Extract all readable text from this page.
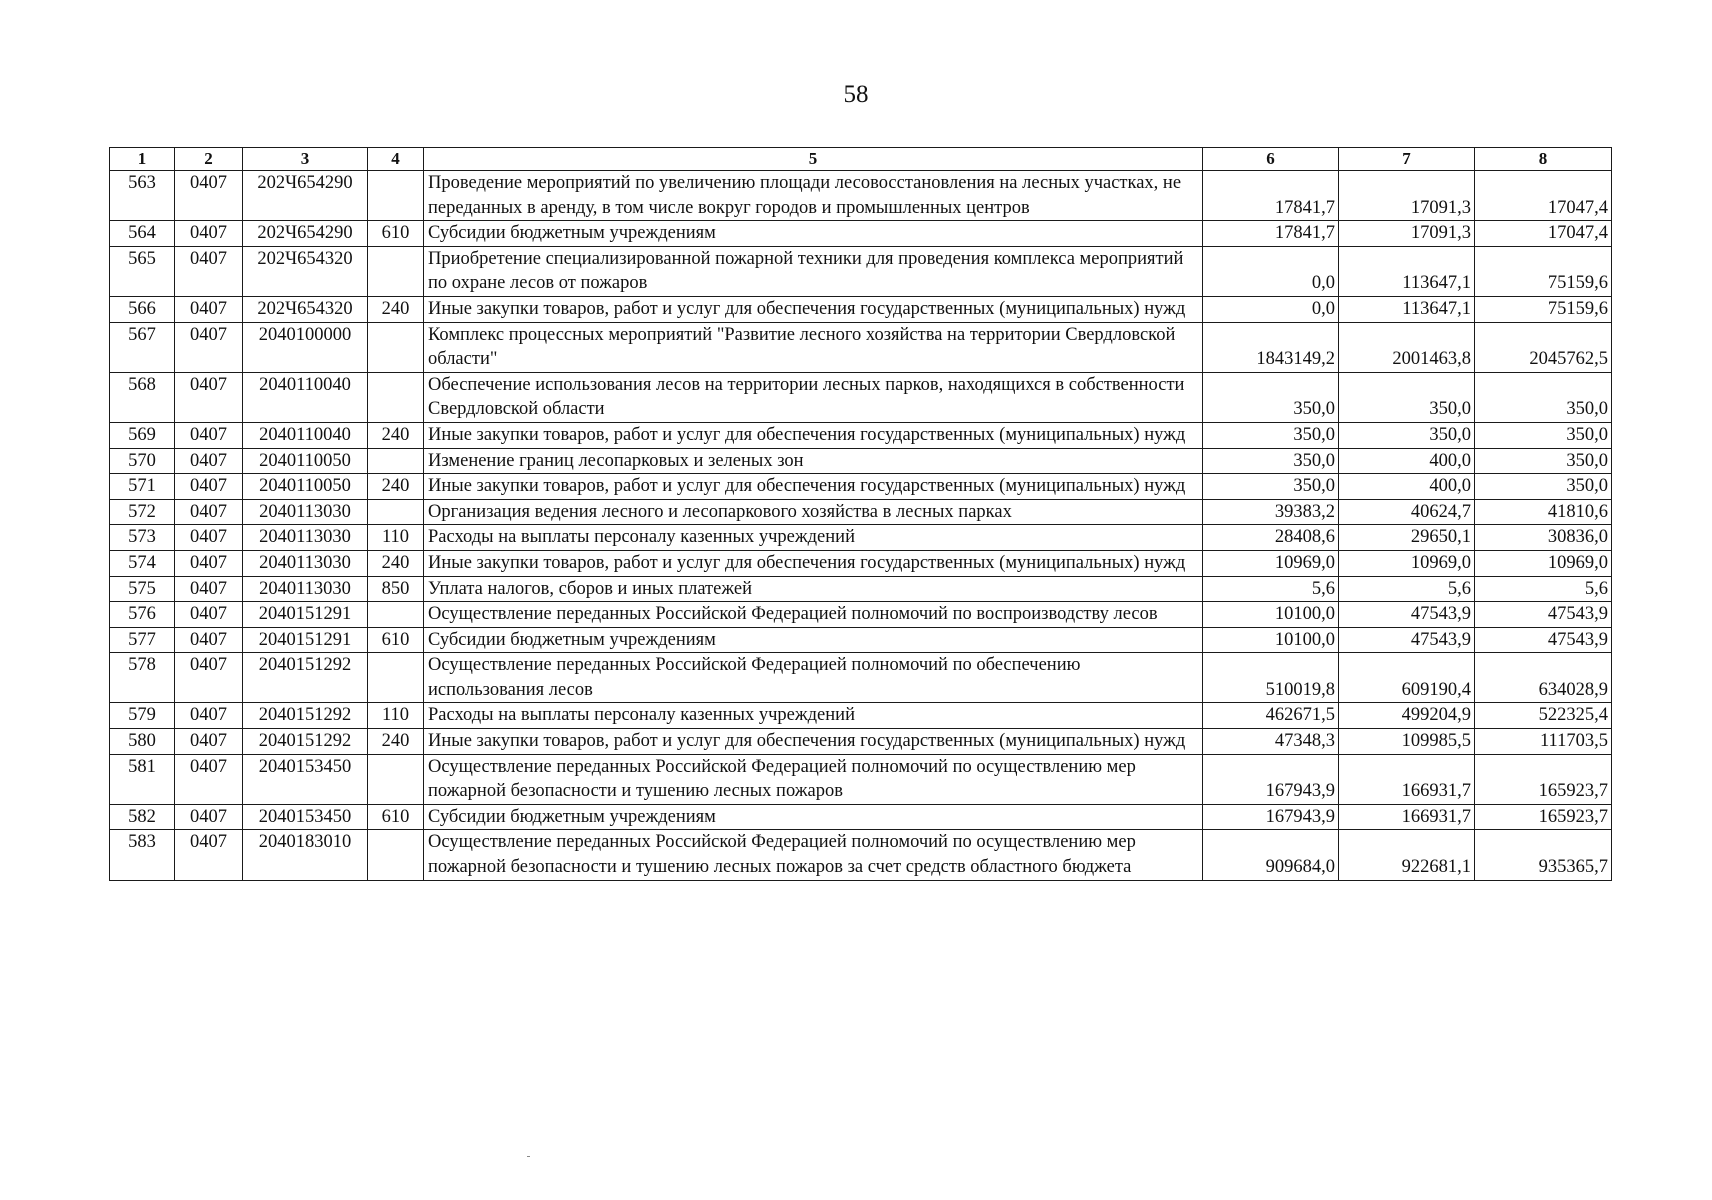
58
1	2	3	4	5	6	7	8
563	0407	202Ч654290		Проведение мероприятий по увеличению площади лесовосстановления на лесных участках, не переданных в аренду, в том числе вокруг городов и промышленных центров	17841,7	17091,3	17047,4
564	0407	202Ч654290	610	Субсидии бюджетным учреждениям	17841,7	17091,3	17047,4
565	0407	202Ч654320		Приобретение специализированной пожарной техники для проведения комплекса мероприятий по охране лесов от пожаров	0,0	113647,1	75159,6
566	0407	202Ч654320	240	Иные закупки товаров, работ и услуг для обеспечения государственных (муниципальных) нужд	0,0	113647,1	75159,6
567	0407	2040100000		Комплекс процессных мероприятий "Развитие лесного хозяйства на территории Свердловской области"	1843149,2	2001463,8	2045762,5
568	0407	2040110040		Обеспечение использования лесов на территории лесных парков, находящихся в собственности Свердловской области	350,0	350,0	350,0
569	0407	2040110040	240	Иные закупки товаров, работ и услуг для обеспечения государственных (муниципальных) нужд	350,0	350,0	350,0
570	0407	2040110050		Изменение границ лесопарковых и зеленых зон	350,0	400,0	350,0
571	0407	2040110050	240	Иные закупки товаров, работ и услуг для обеспечения государственных (муниципальных) нужд	350,0	400,0	350,0
572	0407	2040113030		Организация ведения лесного и лесопаркового хозяйства в лесных парках	39383,2	40624,7	41810,6
573	0407	2040113030	110	Расходы на выплаты персоналу казенных учреждений	28408,6	29650,1	30836,0
574	0407	2040113030	240	Иные закупки товаров, работ и услуг для обеспечения государственных (муниципальных) нужд	10969,0	10969,0	10969,0
575	0407	2040113030	850	Уплата налогов, сборов и иных платежей	5,6	5,6	5,6
576	0407	2040151291		Осуществление переданных Российской Федерацией полномочий по воспроизводству лесов	10100,0	47543,9	47543,9
577	0407	2040151291	610	Субсидии бюджетным учреждениям	10100,0	47543,9	47543,9
578	0407	2040151292		Осуществление переданных Российской Федерацией полномочий по обеспечению использования лесов	510019,8	609190,4	634028,9
579	0407	2040151292	110	Расходы на выплаты персоналу казенных учреждений	462671,5	499204,9	522325,4
580	0407	2040151292	240	Иные закупки товаров, работ и услуг для обеспечения государственных (муниципальных) нужд	47348,3	109985,5	111703,5
581	0407	2040153450		Осуществление переданных Российской Федерацией полномочий по осуществлению мер пожарной безопасности и тушению лесных пожаров	167943,9	166931,7	165923,7
582	0407	2040153450	610	Субсидии бюджетным учреждениям	167943,9	166931,7	165923,7
583	0407	2040183010		Осуществление переданных Российской Федерацией полномочий по осуществлению мер пожарной безопасности и тушению лесных пожаров за счет средств областного бюджета	909684,0	922681,1	935365,7
